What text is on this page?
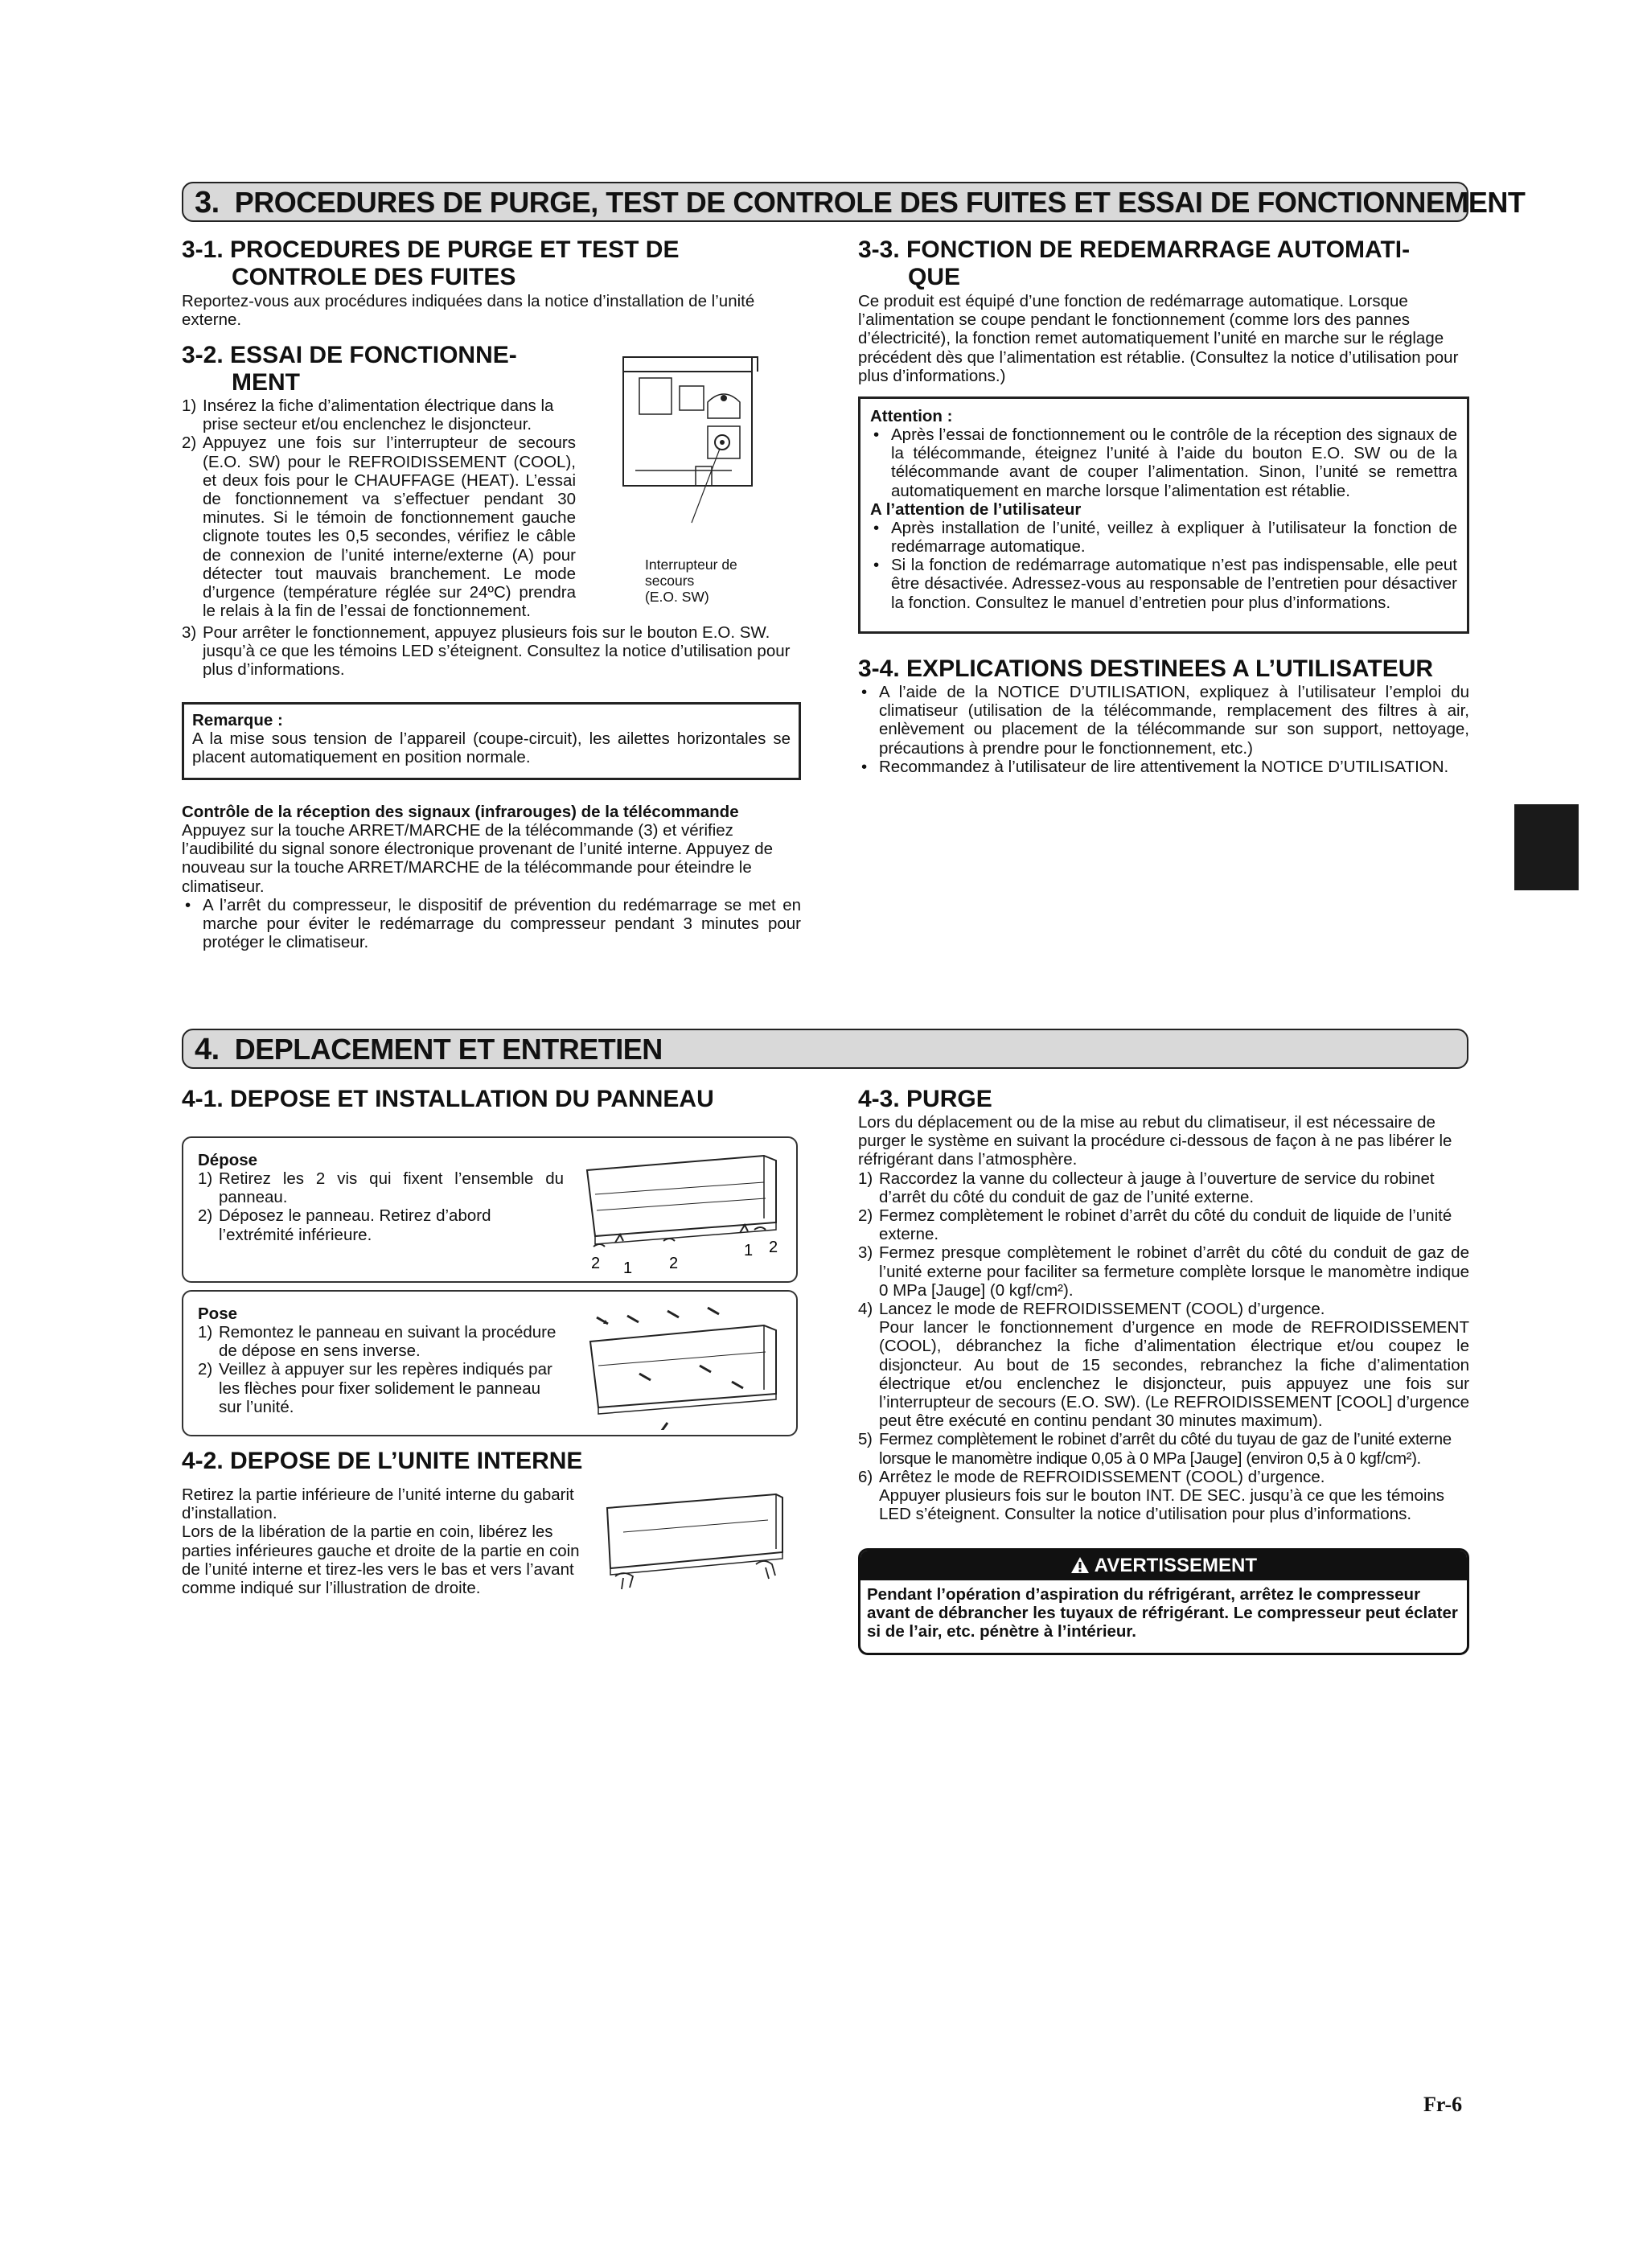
3. PROCEDURES DE PURGE, TEST DE CONTROLE DES FUITES ET ESSAI DE FONCTIONNEMENT
3-1. PROCEDURES DE PURGE ET TEST DE
CONTROLE DES FUITES

Reportez-vous aux procédures indiquées dans la notice d’installation de l’unité externe.

3-2. ESSAI DE FONCTIONNE-
MENT
1) Insérez la fiche d’alimentation électrique dans la prise secteur et/ou enclenchez le disjoncteur.
2) Appuyez une fois sur l’interrupteur de secours (E.O. SW) pour le REFROIDISSEMENT (COOL), et deux fois pour le CHAUFFAGE (HEAT). L’essai de fonctionnement va s’effectuer pendant 30 minutes. Si le témoin de fonctionnement gauche clignote toutes les 0,5 secondes, vérifiez le câble de connexion de l’unité interne/externe (A) pour détecter tout mauvais branchement. Le mode d’urgence (température réglée sur 24ºC) prendra le relais à la fin de l’essai de fonctionnement.
3) Pour arrêter le fonctionnement, appuyez plusieurs fois sur le bouton E.O. SW. jusqu’à ce que les témoins LED s’éteignent. Consultez la notice d’utilisation pour plus d’informations.
Interrupteur de
secours
(E.O. SW)
Remarque :

A la mise sous tension de l’appareil (coupe-circuit), les ailettes horizontales se placent automatiquement en position normale.

Contrôle de la réception des signaux (infrarouges) de la télécommande

Appuyez sur la touche ARRET/MARCHE de la télécommande (3) et vérifiez l’audibilité du signal sonore électronique provenant de l’unité interne. Appuyez de nouveau sur la touche ARRET/MARCHE de la télécommande pour éteindre le climatiseur.

• A l’arrêt du compresseur, le dispositif de prévention du redémarrage se met en marche pour éviter le redémarrage du compresseur pendant 3 minutes pour protéger le climatiseur.
3-3. FONCTION DE REDEMARRAGE AUTOMATI-
QUE

Ce produit est équipé d’une fonction de redémarrage automatique. Lorsque l’alimentation se coupe pendant le fonctionnement (comme lors des pannes d’électricité), la fonction remet automatiquement l’unité en marche sur le réglage précédent dès que l’alimentation est rétablie. (Consultez la notice d’utilisation pour plus d’informations.)

Attention :
• Après l’essai de fonctionnement ou le contrôle de la réception des signaux de la télécommande, éteignez l’unité à l’aide du bouton E.O. SW ou de la télécommande avant de couper l’alimentation. Sinon, l’unité se remettra automatiquement en marche lorsque l’alimentation est rétablie.
A l’attention de l’utilisateur
• Après installation de l’unité, veillez à expliquer à l’utilisateur la fonction de redémarrage automatique.
• Si la fonction de redémarrage automatique n’est pas indispensable, elle peut être désactivée. Adressez-vous au responsable de l’entretien pour désactiver la fonction. Consultez le manuel d’entretien pour plus d’informations.
3-4. EXPLICATIONS DESTINEES A L’UTILISATEUR
• A l’aide de la NOTICE D’UTILISATION, expliquez à l’utilisateur l’emploi du climatiseur (utilisation de la télécommande, remplacement des filtres à air, enlèvement ou placement de la télécommande sur son support, nettoyage, précautions à prendre pour le fonctionnement, etc.)
• Recommandez à l’utilisateur de lire attentivement la NOTICE D’UTILISATION.
4. DEPLACEMENT ET ENTRETIEN
4-1. DEPOSE ET INSTALLATION DU PANNEAU
Dépose
1) Retirez les 2 vis qui fixent l’ensemble du panneau.
2) Déposez le panneau. Retirez d’abord l’extrémité inférieure.
2 1 2
1 2
Pose
1) Remontez le panneau en suivant la procédure de dépose en sens inverse.
2) Veillez à appuyer sur les repères indiqués par les flèches pour fixer solidement le panneau sur l’unité.
4-2. DEPOSE DE L’UNITE INTERNE

Retirez la partie inférieure de l’unité interne du gabarit d’installation.

Lors de la libération de la partie en coin, libérez les parties inférieures gauche et droite de la partie en coin de l’unité interne et tirez-les vers le bas et vers l’avant comme indiqué sur l’illustration de droite.

4-3. PURGE

Lors du déplacement ou de la mise au rebut du climatiseur, il est nécessaire de purger le système en suivant la procédure ci-dessous de façon à ne pas libérer le réfrigérant dans l’atmosphère.

1) Raccordez la vanne du collecteur à jauge à l’ouverture de service du robinet d’arrêt du côté du conduit de gaz de l’unité externe.
2) Fermez complètement le robinet d’arrêt du côté du conduit de liquide de l’unité externe.
3) Fermez presque complètement le robinet d’arrêt du côté du conduit de gaz de l’unité externe pour faciliter sa fermeture complète lorsque le manomètre indique 0 MPa [Jauge] (0 kgf/cm²).
4) Lancez le mode de REFROIDISSEMENT (COOL) d’urgence.
Pour lancer le fonctionnement d’urgence en mode de REFROIDISSEMENT (COOL), débranchez la fiche d’alimentation électrique et/ou coupez le disjoncteur. Au bout de 15 secondes, rebranchez la fiche d’alimentation électrique et/ou enclenchez le disjoncteur, puis appuyez une fois sur l’interrupteur de secours (E.O. SW). (Le REFROIDISSEMENT [COOL] d’urgence peut être exécuté en continu pendant 30 minutes maximum).
5) Fermez complètement le robinet d’arrêt du côté du tuyau de gaz de l’unité externe lorsque le manomètre indique 0,05 à 0 MPa [Jauge] (environ 0,5 à 0 kgf/cm²).
6) Arrêtez le mode de REFROIDISSEMENT (COOL) d’urgence.
Appuyer plusieurs fois sur le bouton INT. DE SEC. jusqu’à ce que les témoins LED s’éteignent. Consulter la notice d’utilisation pour plus d’informations.
AVERTISSEMENT

Pendant l’opération d’aspiration du réfrigérant, arrêtez le compresseur avant de débrancher les tuyaux de réfrigérant. Le compresseur peut éclater si de l’air, etc. pénètre à l’intérieur.

Fr-6
